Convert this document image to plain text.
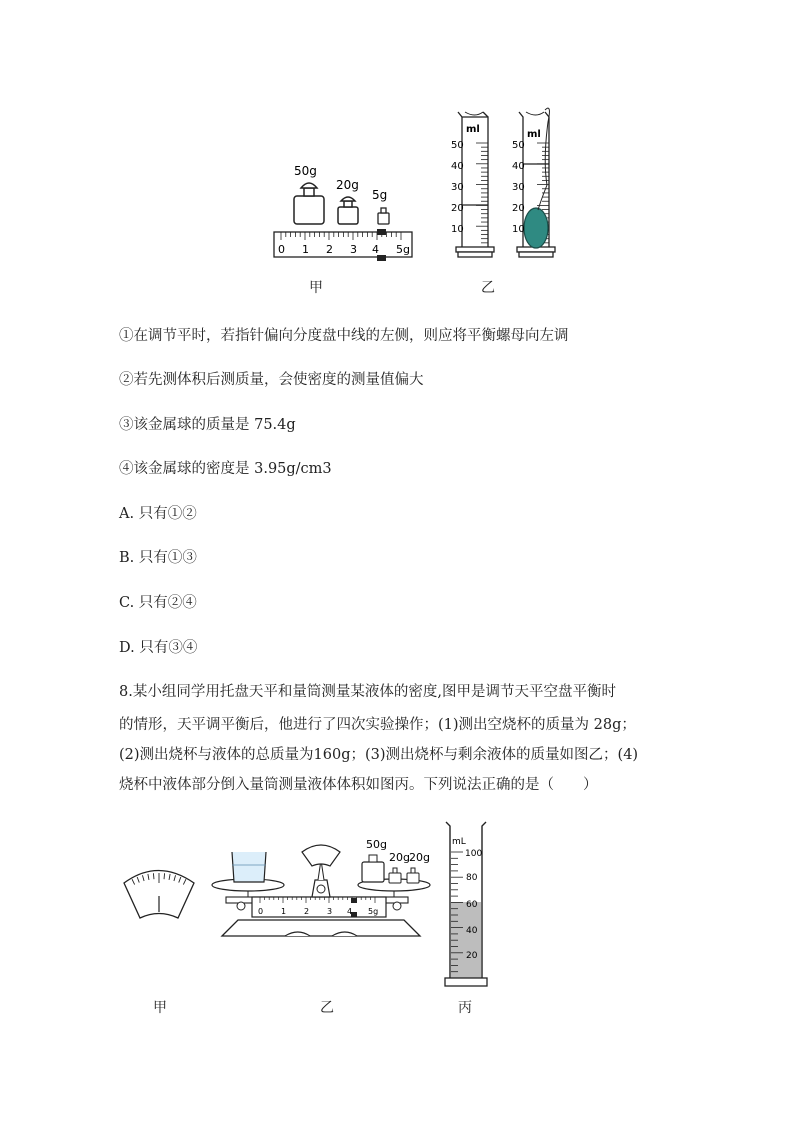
50g
20g
5g
0 1 2 3 4 5g
ml
50
40
30
20
10
ml
50
40
30
20
10
甲	乙
①在调节平时，若指针偏向分度盘中线的左侧，则应将平衡螺母向左调
②若先测体积后测质量，会使密度的测量值偏大
③该金属球的质量是 75.4g
④该金属球的密度是 3.95g/cm3
A. 只有①②
B. 只有①③
C. 只有②④
D. 只有③④
8.某小组同学用托盘天平和量筒测量某液体的密度,图甲是调节天平空盘平衡时
的情形，天平调平衡后，他进行了四次实验操作；(1)测出空烧杯的质量为 28g；
(2)测出烧杯与液体的总质量为160g；(3)测出烧杯与剩余液体的质量如图乙；(4)
烧杯中液体部分倒入量筒测量液体体积如图丙。下列说法正确的是（　　）
50g
20g 20g
0 1 2 3 4 5g
mL
100
80
60
40
20
甲	乙	丙
